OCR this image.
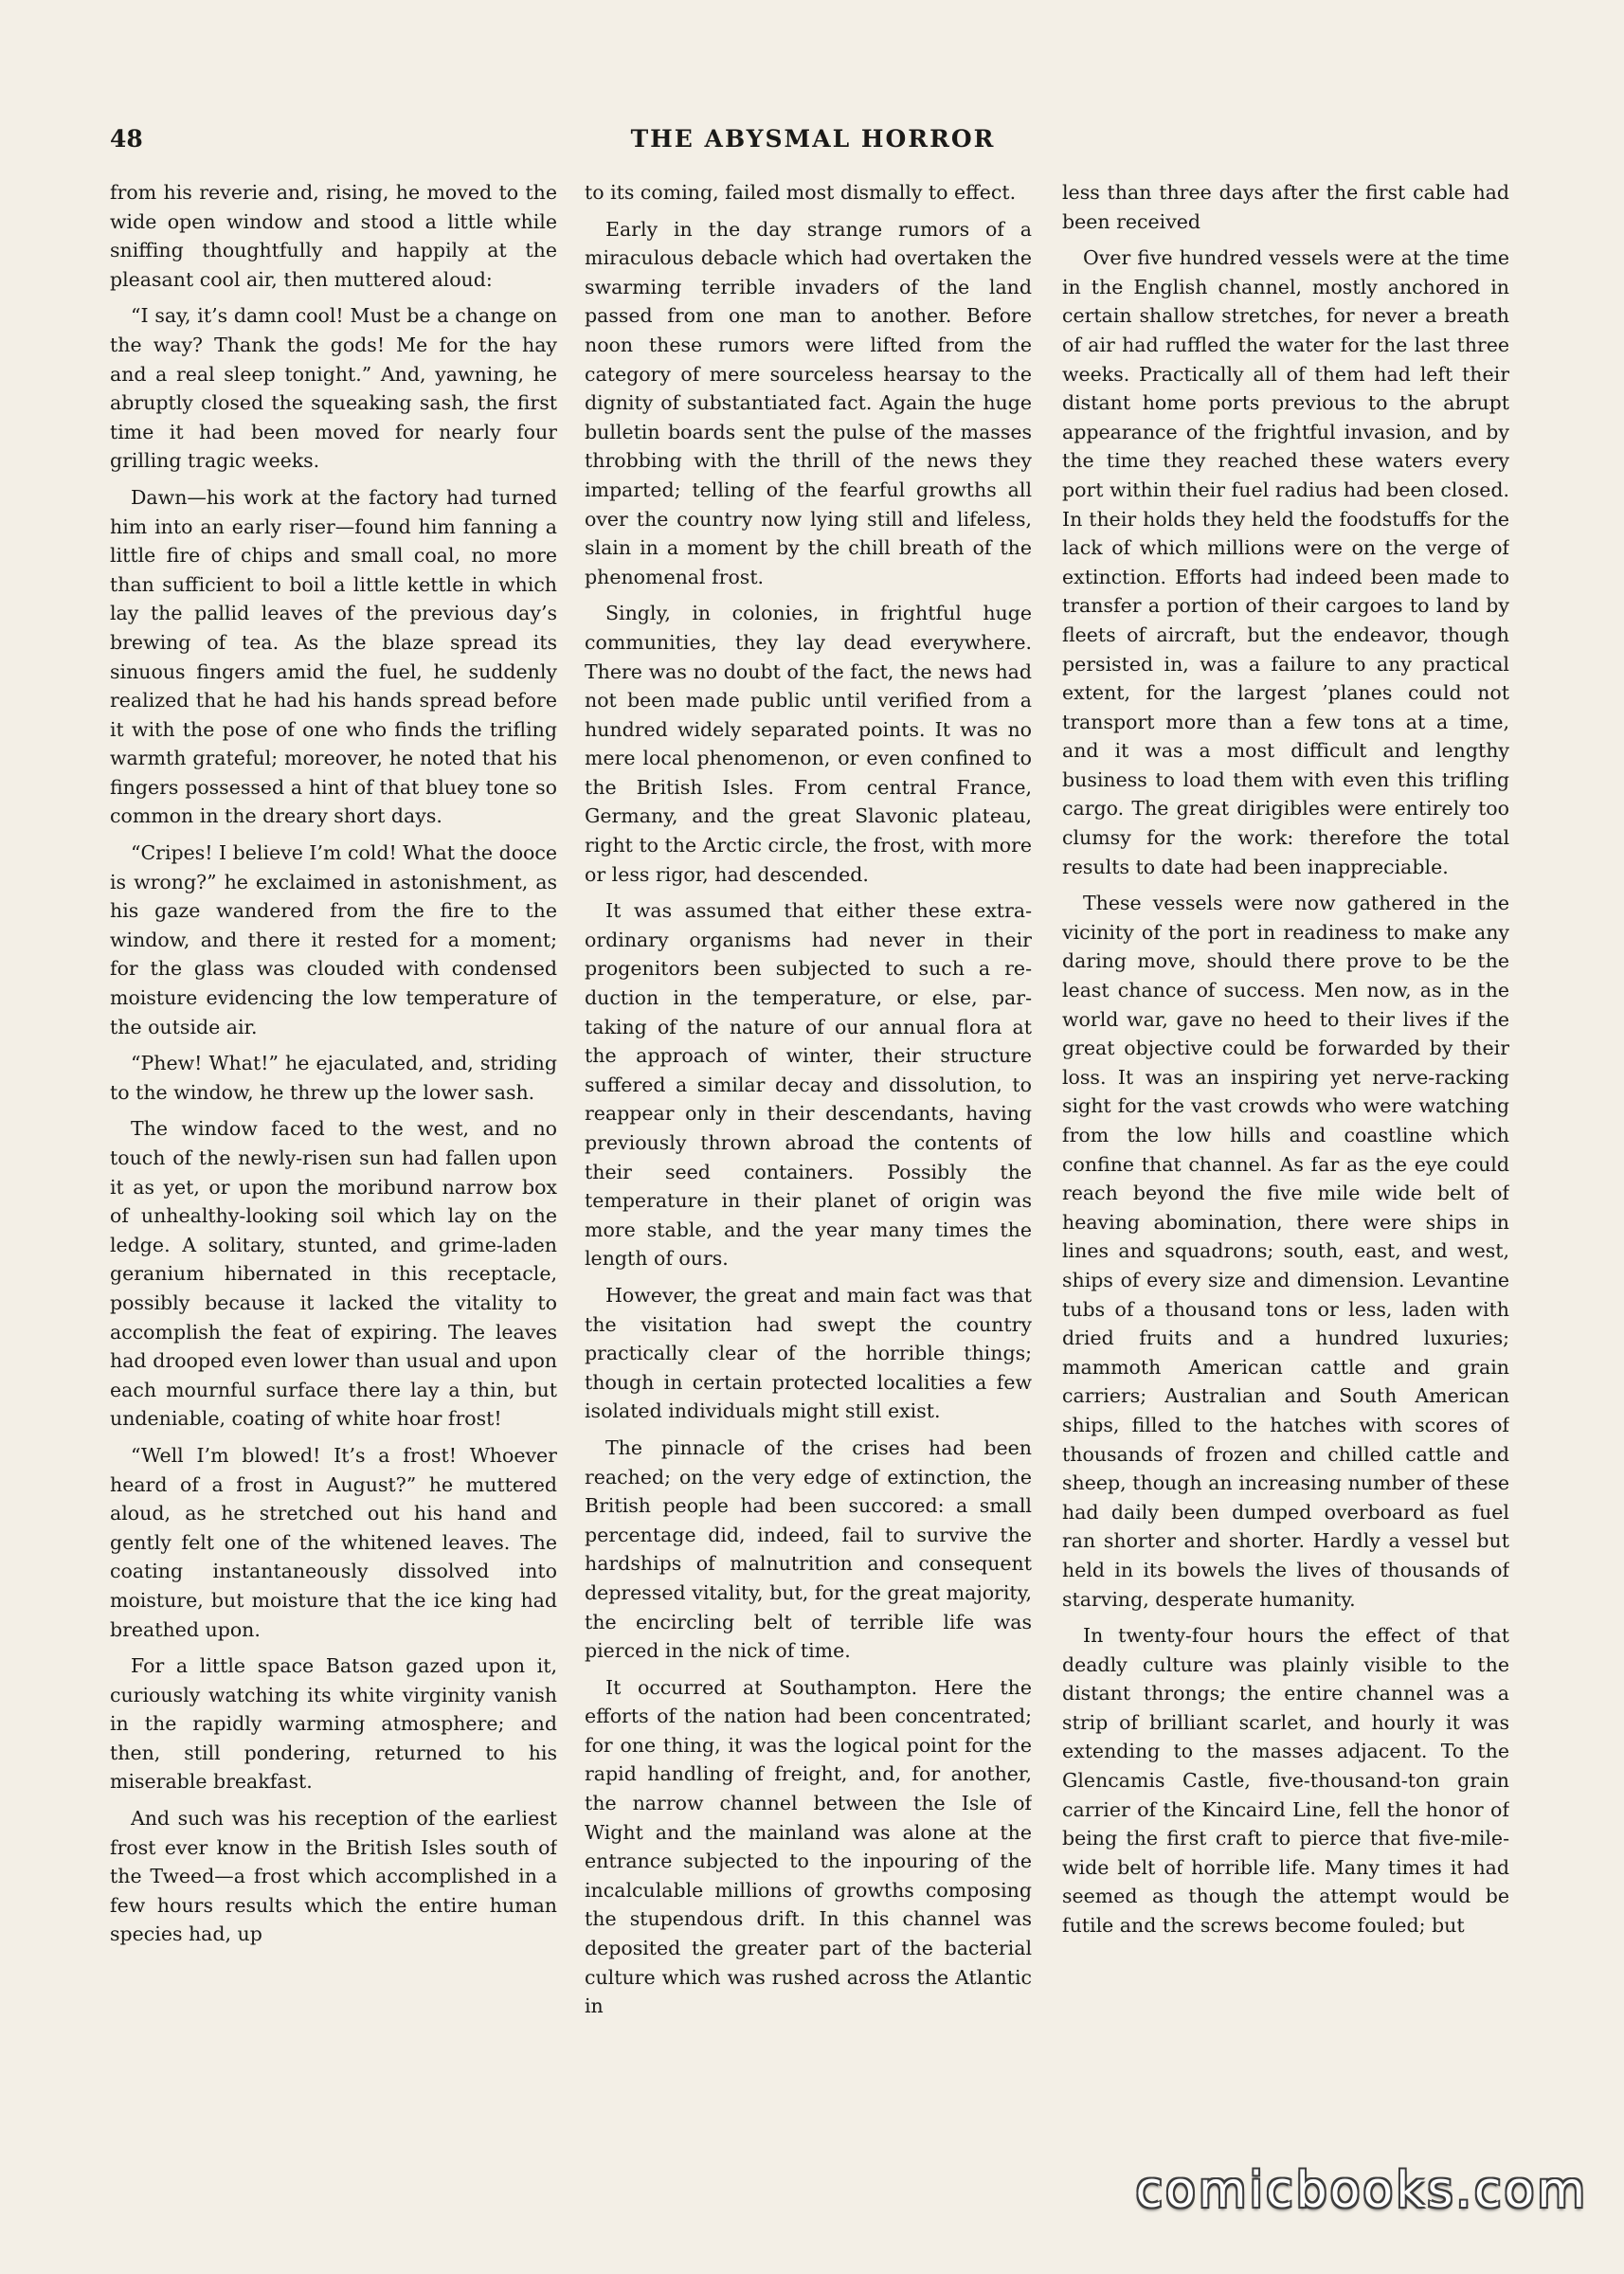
48	THE ABYSMAL HORROR

from his reverie and, rising, he moved to the wide open window and stood a little while sniffing thoughtfully and happily at the pleasant cool air, then muttered aloud:

“I say, it’s damn cool! Must be a change on the way? Thank the gods! Me for the hay and a real sleep tonight.” And, yawning, he abruptly closed the squeaking sash, the first time it had been moved for nearly four grilling tragic weeks.

Dawn—his work at the factory had turned him into an early riser—found him fanning a little fire of chips and small coal, no more than sufficient to boil a little kettle in which lay the pallid leaves of the previous day’s brewing of tea. As the blaze spread its sinuous fingers amid the fuel, he suddenly realized that he had his hands spread before it with the pose of one who finds the trifling warmth grateful; moreover, he noted that his fingers possessed a hint of that bluey tone so common in the dreary short days.

“Cripes! I believe I’m cold! What the dooce is wrong?” he exclaimed in astonishment, as his gaze wandered from the fire to the window, and there it rested for a moment; for the glass was clouded with condensed moisture evidencing the low temperature of the outside air.

“Phew! What!” he ejaculated, and, striding to the window, he threw up the lower sash.

The window faced to the west, and no touch of the newly-risen sun had fallen upon it as yet, or upon the moribund narrow box of unhealthy-looking soil which lay on the ledge. A solitary, stunted, and grime-laden geranium hibernated in this receptacle, possibly because it lacked the vitality to accomplish the feat of expiring. The leaves had drooped even lower than usual and upon each mournful surface there lay a thin, but undeniable, coating of white hoar frost!

“Well I’m blowed! It’s a frost! Whoever heard of a frost in August?” he muttered aloud, as he stretched out his hand and gently felt one of the whitened leaves. The coating instantaneously dissolved into moisture, but moisture that the ice king had breathed upon.

For a little space Batson gazed upon it, curiously watching its white virginity vanish in the rapidly warming atmosphere; and then, still pondering, returned to his miserable breakfast.

And such was his reception of the earliest frost ever know in the British Isles south of the Tweed—a frost which accomplished in a few hours results which the entire human species had, up

to its coming, failed most dismally to effect.

Early in the day strange rumors of a miraculous debacle which had overtaken the swarming terrible invaders of the land passed from one man to another. Before noon these rumors were lifted from the category of mere sourceless hearsay to the dignity of substantiated fact. Again the huge bulletin boards sent the pulse of the masses throbbing with the thrill of the news they imparted; telling of the fearful growths all over the country now lying still and lifeless, slain in a moment by the chill breath of the phenomenal frost.

Singly, in colonies, in frightful huge communities, they lay dead everywhere. There was no doubt of the fact, the news had not been made public until verified from a hundred widely separated points. It was no mere local phenomenon, or even confined to the British Isles. From central France, Germany, and the great Slavonic plateau, right to the Arctic circle, the frost, with more or less rigor, had descended.

It was assumed that either these extraordinary organisms had never in their progenitors been subjected to such a reduction in the temperature, or else, partaking of the nature of our annual flora at the approach of winter, their structure suffered a similar decay and dissolution, to reappear only in their descendants, having previously thrown abroad the contents of their seed containers. Possibly the temperature in their planet of origin was more stable, and the year many times the length of ours.

However, the great and main fact was that the visitation had swept the country practically clear of the horrible things; though in certain protected localities a few isolated individuals might still exist.

The pinnacle of the crises had been reached; on the very edge of extinction, the British people had been succored: a small percentage did, indeed, fail to survive the hardships of malnutrition and consequent depressed vitality, but, for the great majority, the encircling belt of terrible life was pierced in the nick of time.

It occurred at Southampton. Here the efforts of the nation had been concentrated; for one thing, it was the logical point for the rapid handling of freight, and, for another, the narrow channel between the Isle of Wight and the mainland was alone at the entrance subjected to the inpouring of the incalculable millions of growths composing the stupendous drift. In this channel was deposited the greater part of the bacterial culture which was rushed across the Atlantic in

less than three days after the first cable had been received

Over five hundred vessels were at the time in the English channel, mostly anchored in certain shallow stretches, for never a breath of air had ruffled the water for the last three weeks. Practically all of them had left their distant home ports previous to the abrupt appearance of the frightful invasion, and by the time they reached these waters every port within their fuel radius had been closed. In their holds they held the foodstuffs for the lack of which millions were on the verge of extinction. Efforts had indeed been made to transfer a portion of their cargoes to land by fleets of aircraft, but the endeavor, though persisted in, was a failure to any practical extent, for the largest ’planes could not transport more than a few tons at a time, and it was a most difficult and lengthy business to load them with even this trifling cargo. The great dirigibles were entirely too clumsy for the work: therefore the total results to date had been inappreciable.

These vessels were now gathered in the vicinity of the port in readiness to make any daring move, should there prove to be the least chance of success. Men now, as in the world war, gave no heed to their lives if the great objective could be forwarded by their loss. It was an inspiring yet nerve-racking sight for the vast crowds who were watching from the low hills and coastline which confine that channel. As far as the eye could reach beyond the five mile wide belt of heaving abomination, there were ships in lines and squadrons; south, east, and west, ships of every size and dimension. Levantine tubs of a thousand tons or less, laden with dried fruits and a hundred luxuries; mammoth American cattle and grain carriers; Australian and South American ships, filled to the hatches with scores of thousands of frozen and chilled cattle and sheep, though an increasing number of these had daily been dumped overboard as fuel ran shorter and shorter. Hardly a vessel but held in its bowels the lives of thousands of starving, desperate humanity.

In twenty-four hours the effect of that deadly culture was plainly visible to the distant throngs; the entire channel was a strip of brilliant scarlet, and hourly it was extending to the masses adjacent. To the Glencamis Castle, five-thousand-ton grain carrier of the Kincaird Line, fell the honor of being the first craft to pierce that five-mile-wide belt of horrible life. Many times it had seemed as though the attempt would be futile and the screws become fouled; but

comicbooks.com
